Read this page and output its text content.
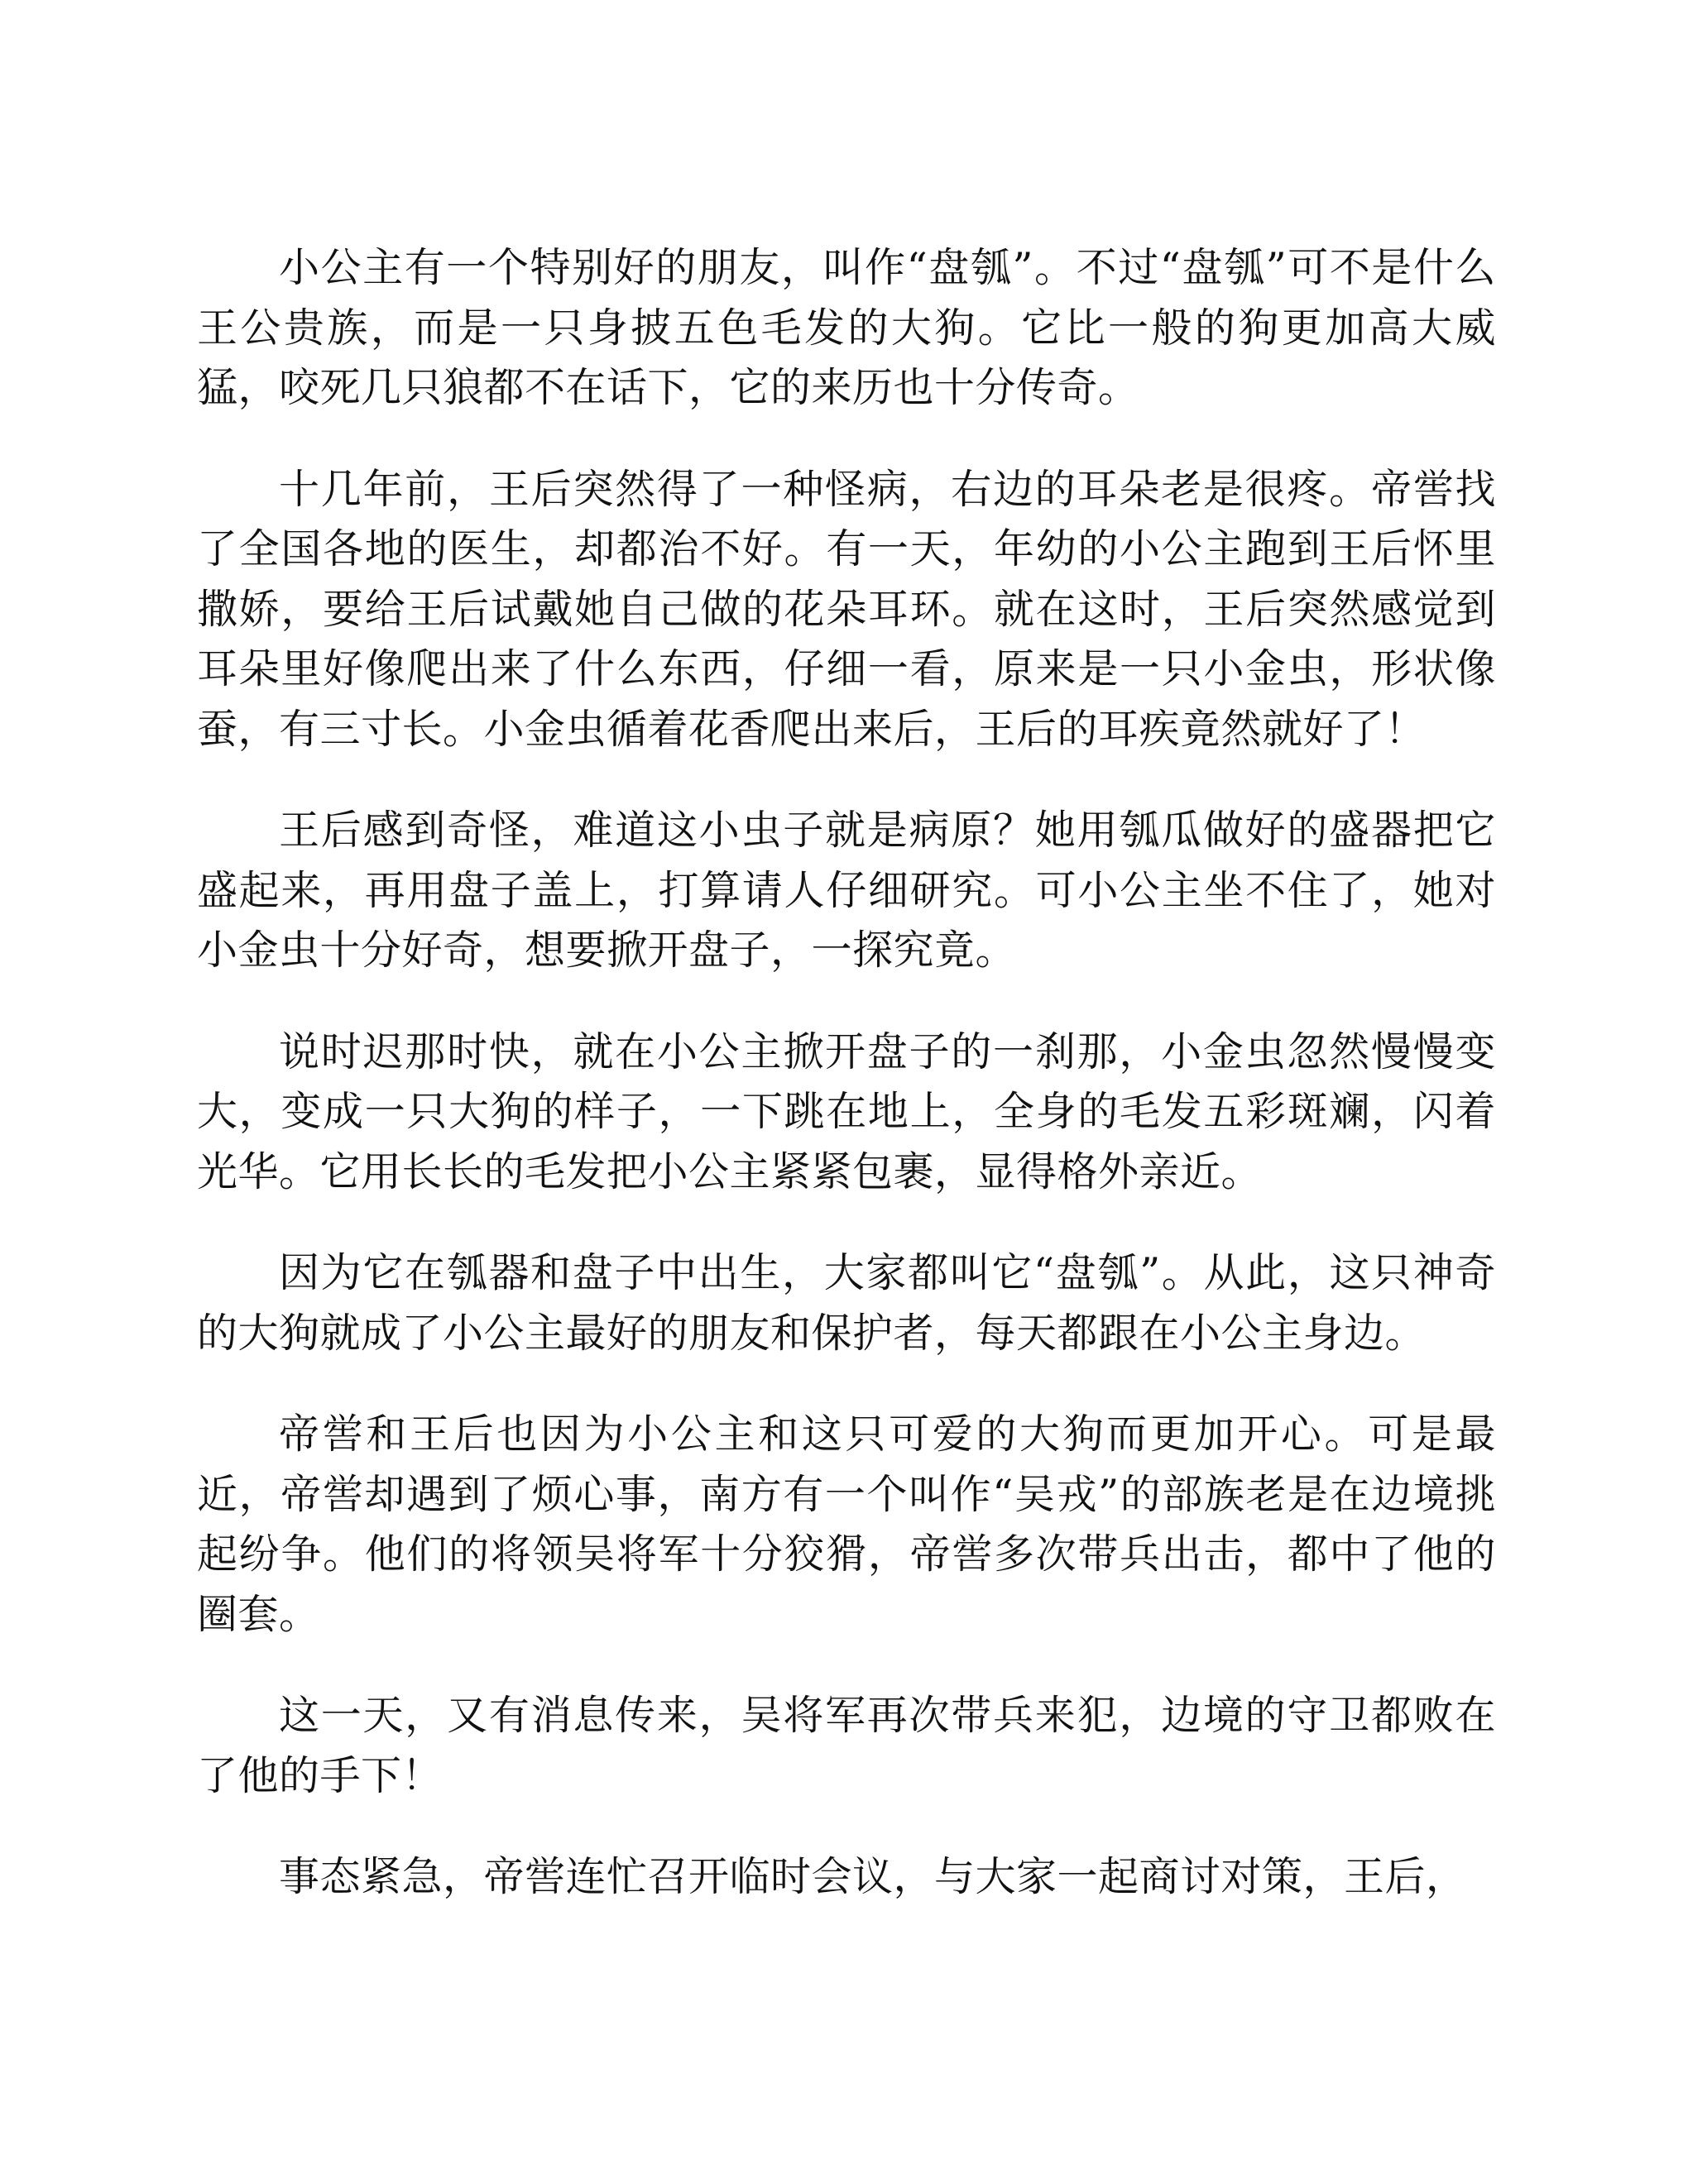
小公主有一个特别好的朋友，叫作“盘瓠”。不过“盘瓠”可不是什么王公贵族，而是一只身披五色毛发的大狗。它比一般的狗更加高大威猛，咬死几只狼都不在话下，它的来历也十分传奇。

十几年前，王后突然得了一种怪病，右边的耳朵老是很疼。帝喾找了全国各地的医生，却都治不好。有一天，年幼的小公主跑到王后怀里撒娇，要给王后试戴她自己做的花朵耳环。就在这时，王后突然感觉到耳朵里好像爬出来了什么东西，仔细一看，原来是一只小金虫，形状像蚕，有三寸长。小金虫循着花香爬出来后，王后的耳疾竟然就好了！

王后感到奇怪，难道这小虫子就是病原？她用瓠瓜做好的盛器把它盛起来，再用盘子盖上，打算请人仔细研究。可小公主坐不住了，她对小金虫十分好奇，想要掀开盘子，一探究竟。

说时迟那时快，就在小公主掀开盘子的一刹那，小金虫忽然慢慢变大，变成一只大狗的样子，一下跳在地上，全身的毛发五彩斑斓，闪着光华。它用长长的毛发把小公主紧紧包裹，显得格外亲近。

因为它在瓠器和盘子中出生，大家都叫它“盘瓠”。从此，这只神奇的大狗就成了小公主最好的朋友和保护者，每天都跟在小公主身边。

帝喾和王后也因为小公主和这只可爱的大狗而更加开心。可是最近，帝喾却遇到了烦心事，南方有一个叫作“吴戎”的部族老是在边境挑起纷争。他们的将领吴将军十分狡猾，帝喾多次带兵出击，都中了他的圈套。

这一天，又有消息传来，吴将军再次带兵来犯，边境的守卫都败在了他的手下！

事态紧急，帝喾连忙召开临时会议，与大家一起商讨对策，王后，
